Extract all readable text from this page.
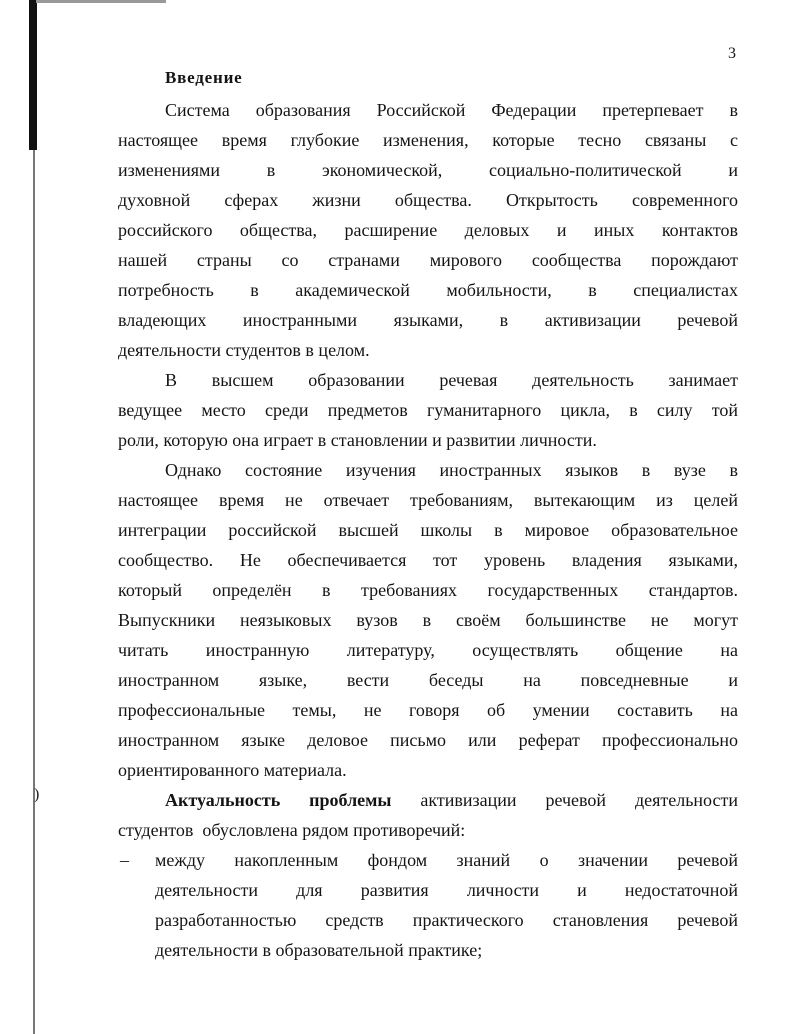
)
3
Введение
Система образования Российской Федерации претерпевает в
настоящее время глубокие изменения, которые тесно связаны с
изменениями в экономической, социально-политической и
духовной сферах жизни общества. Открытость современного
российского общества, расширение деловых и иных контактов
нашей страны со странами мирового сообщества порождают
потребность в академической мобильности, в специалистах
владеющих иностранными языками, в активизации речевой
деятельности студентов в целом.
В высшем образовании речевая деятельность занимает
ведущее место среди предметов гуманитарного цикла, в силу той
роли, которую она играет в становлении и развитии личности.
Однако состояние изучения иностранных языков в вузе в
настоящее время не отвечает требованиям, вытекающим из целей
интеграции российской высшей школы в мировое образовательное
сообщество. Не обеспечивается тот уровень владения языками,
который определён в требованиях государственных стандартов.
Выпускники неязыковых вузов в своём большинстве не могут
читать иностранную литературу, осуществлять общение на
иностранном языке, вести беседы на повседневные и
профессиональные темы, не говоря об умении составить на
иностранном языке деловое письмо или реферат профессионально
ориентированного материала.
Актуальность проблемы активизации речевой деятельности
студентов  обусловлена рядом противоречий:
– между накопленным фондом знаний о значении речевой
деятельности для развития личности и недостаточной
разработанностью средств практического становления речевой
деятельности в образовательной практике;
